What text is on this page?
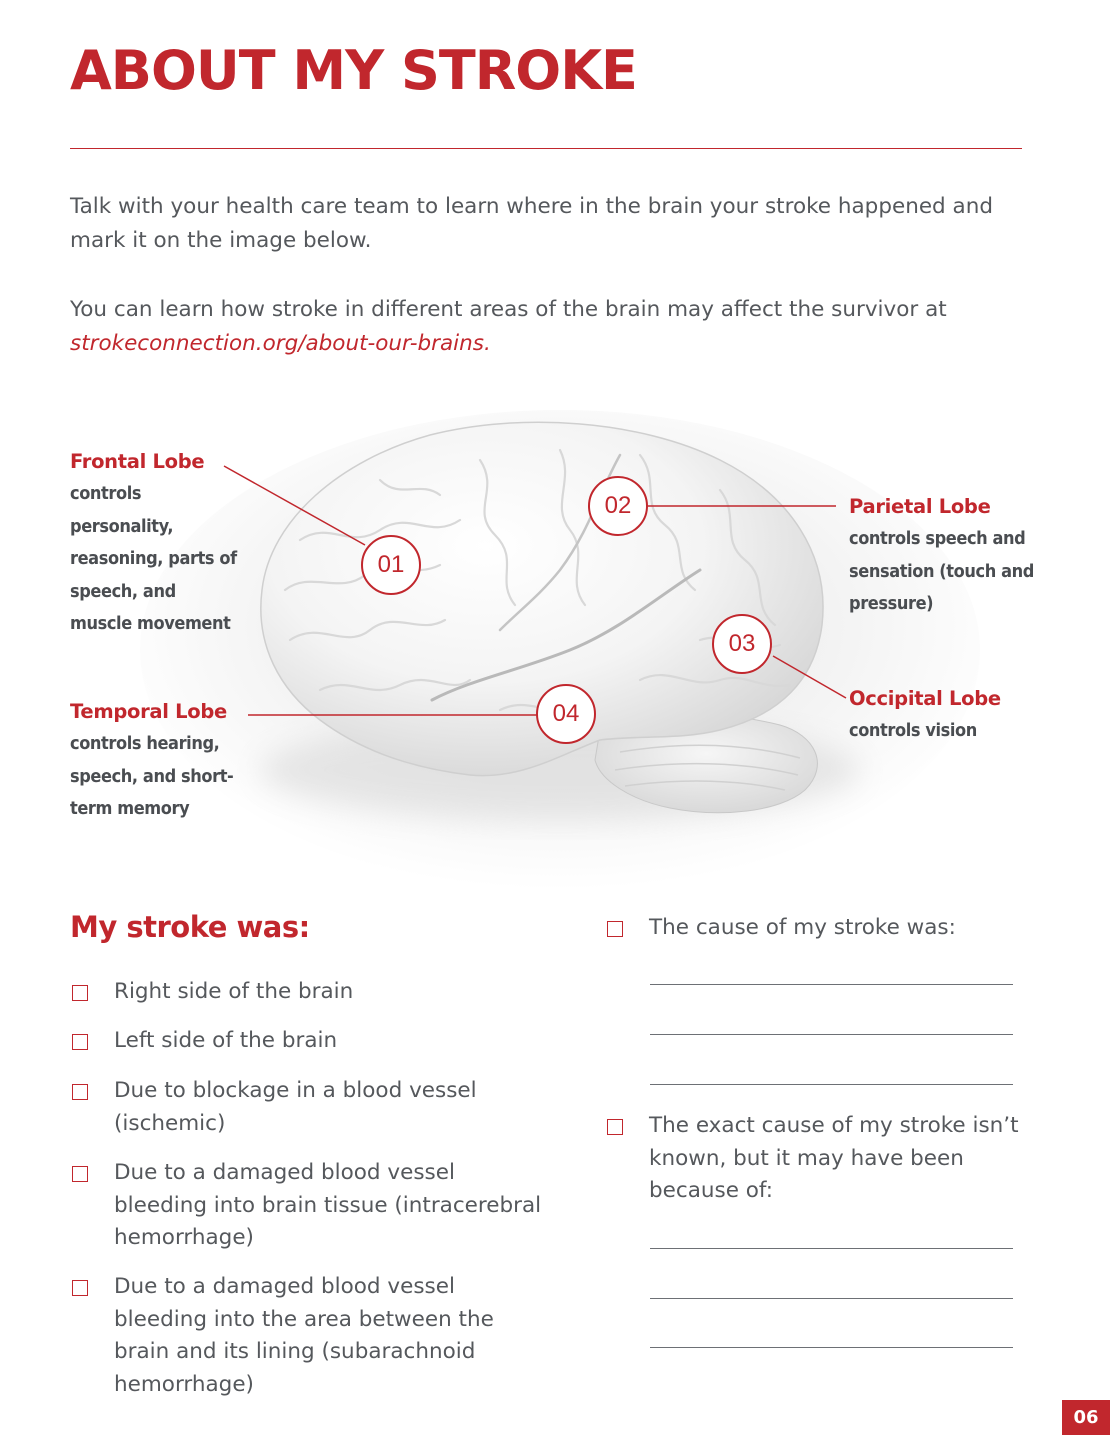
ABOUT MY STROKE

Talk with your health care team to learn where in the brain your stroke happened and mark it on the image below.

You can learn how stroke in different areas of the brain may affect the survivor at strokeconnection.org/about-our-brains.

01
02
03
04
Frontal Lobe
controls personality, reasoning, parts of speech, and muscle movement
Temporal Lobe
controls hearing, speech, and short-term memory
Parietal Lobe
controls speech and sensation (touch and pressure)
Occipital Lobe
controls vision
My stroke was:
Right side of the brain
Left side of the brain
Due to blockage in a blood vessel (ischemic)
Due to a damaged blood vessel bleeding into brain tissue (intracerebral hemorrhage)
Due to a damaged blood vessel bleeding into the area between the brain and its lining (subarachnoid hemorrhage)
The cause of my stroke was:
The exact cause of my stroke isn’t known, but it may have been because of:
06
